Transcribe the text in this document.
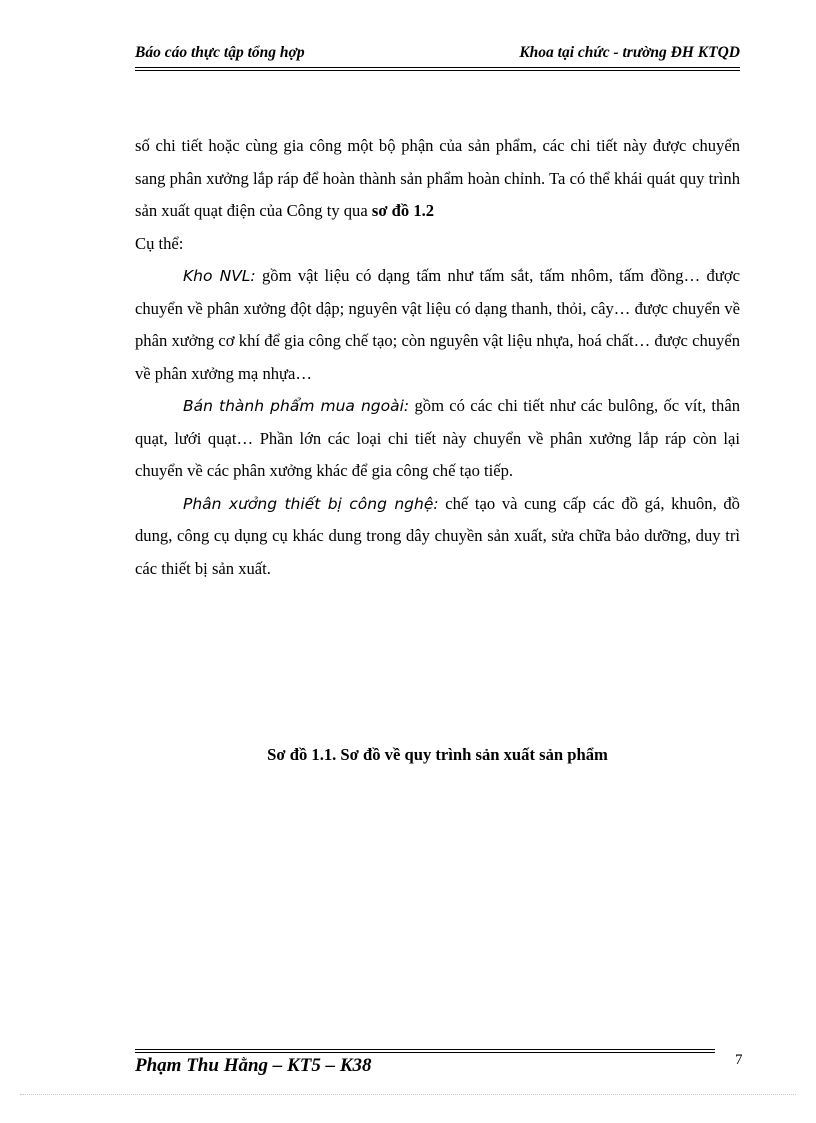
Báo cáo thực tập tổng hợp	Khoa tại chức - trường ĐH KTQD

số chi tiết hoặc cùng gia công một bộ phận của sản phẩm, các chi tiết này được chuyển sang phân xưởng lắp ráp để hoàn thành sản phẩm hoàn chỉnh. Ta có thể khái quát quy trình sản xuất quạt điện của Công ty qua sơ đồ 1.2

Cụ thể:

Kho NVL: gồm vật liệu có dạng tấm như tấm sắt, tấm nhôm, tấm đồng… được chuyển về phân xưởng đột dập; nguyên vật liệu có dạng thanh, thỏi, cây… được chuyển về phân xưởng cơ khí để gia công chế tạo; còn nguyên vật liệu nhựa, hoá chất… được chuyển về phân xưởng mạ nhựa…

Bán thành phẩm mua ngoài: gồm có các chi tiết như các bulông, ốc vít, thân quạt, lưới quạt… Phần lớn các loại chi tiết này chuyển về phân xưởng lắp ráp còn lại chuyển về các phân xưởng khác để gia công chế tạo tiếp.

Phân xưởng thiết bị công nghệ: chế tạo và cung cấp các đồ gá, khuôn, đồ dung, công cụ dụng cụ khác dung trong dây chuyền sản xuất, sửa chữa bảo dưỡng, duy trì các thiết bị sản xuất.

Sơ đồ 1.1. Sơ đồ về quy trình sản xuất sản phẩm
Phạm Thu Hằng – KT5 – K38	7
